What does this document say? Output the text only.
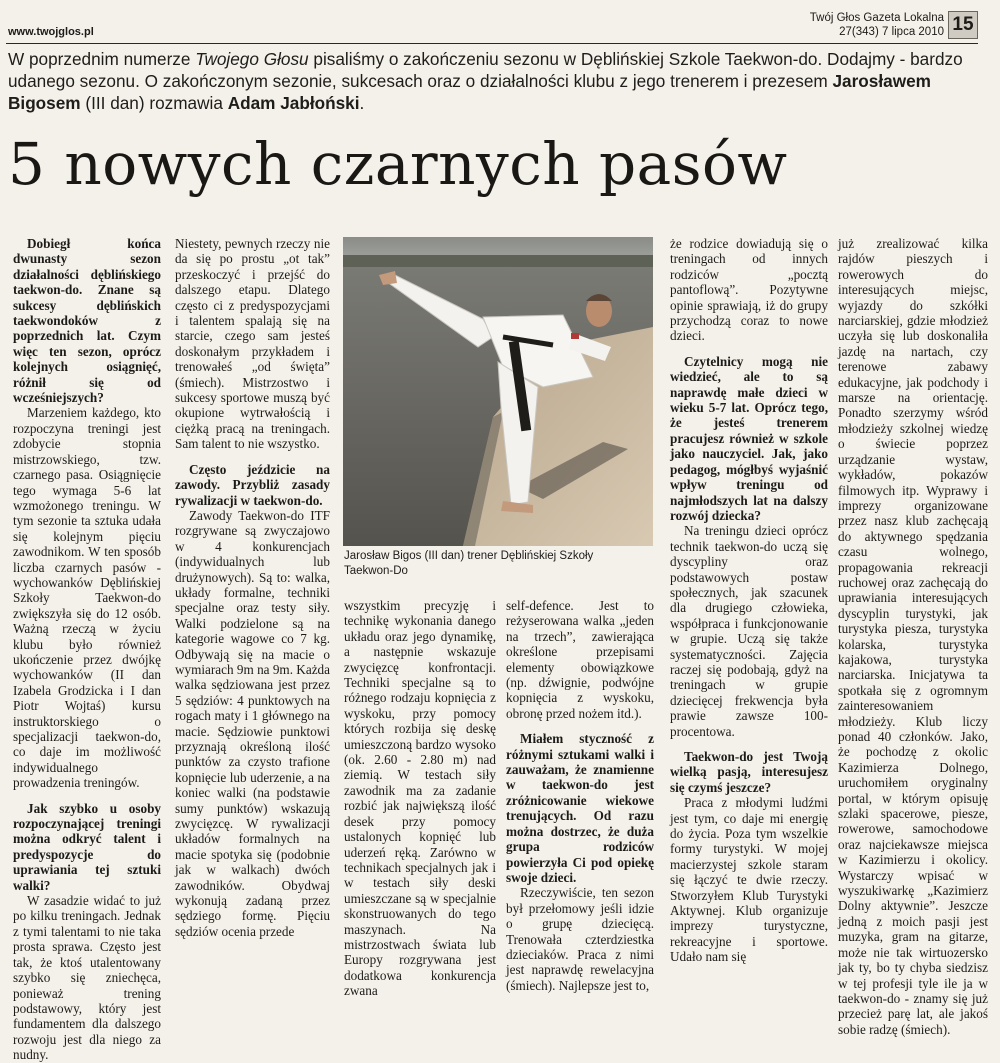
www.twojglos.pl
Twój Głos Gazeta Lokalna
27(343) 7 lipca 2010 15
W poprzednim numerze Twojego Głosu pisaliśmy o zakończeniu sezonu w Dęblińskiej Szkole Taekwon-do. Dodajmy - bardzo udanego sezonu. O zakończonym sezonie, sukcesach oraz o działalności klubu z jego trenerem i prezesem Jarosławem Bigosem (III dan) rozmawia Adam Jabłoński.
5 nowych czarnych pasów

Dobiegł końca dwunasty sezon działalności dęblińskiego taekwon-do. Znane są sukcesy dęblińskich taekwondoków z poprzednich lat. Czym więc ten sezon, oprócz kolejnych osiągnięć, różnił się od wcześniejszych?

Marzeniem każdego, kto rozpoczyna treningi jest zdobycie stopnia mistrzowskiego, tzw. czarnego pasa. Osiągnięcie tego wymaga 5-6 lat wzmożonego treningu. W tym sezonie ta sztuka udała się kolejnym pięciu zawodnikom. W ten sposób liczba czarnych pasów - wychowanków Dęblińskiej Szkoły Taekwon-do zwiększyła się do 12 osób. Ważną rzeczą w życiu klubu było również ukończenie przez dwójkę wychowanków (II dan Izabela Grodzicka i I dan Piotr Wojtaś) kursu instruktorskiego o specjalizacji taekwon-do, co daje im możliwość indywidualnego prowadzenia treningów.

Jak szybko u osoby rozpoczynającej treningi można odkryć talent i predyspozycje do uprawiania tej sztuki walki?

W zasadzie widać to już po kilku treningach. Jednak z tymi talentami to nie taka prosta sprawa. Często jest tak, że ktoś utalentowany szybko się zniechęca, ponieważ trening podstawowy, który jest fundamentem dla dalszego rozwoju jest dla niego za nudny.

Niestety, pewnych rzeczy nie da się po prostu „ot tak” przeskoczyć i przejść do dalszego etapu. Dlatego często ci z predyspozycjami i talentem spalają się na starcie, czego sam jesteś doskonałym przykładem i trenowałeś „od święta” (śmiech). Mistrzostwo i sukcesy sportowe muszą być okupione wytrwałością i ciężką pracą na treningach. Sam talent to nie wszystko.

Często jeździcie na zawody. Przybliż zasady rywalizacji w taekwon-do.

Zawody Taekwon-do ITF rozgrywane są zwyczajowo w 4 konkurencjach (indywidualnych lub drużynowych). Są to: walka, układy formalne, techniki specjalne oraz testy siły. Walki podzielone są na kategorie wagowe co 7 kg. Odbywają się na macie o wymiarach 9m na 9m. Każda walka sędziowana jest przez 5 sędziów: 4 punktowych na rogach maty i 1 głównego na macie. Sędziowie punktowi przyznają określoną ilość punktów za czysto trafione kopnięcie lub uderzenie, a na koniec walki (na podstawie sumy punktów) wskazują zwycięzcę. W rywalizacji układów formalnych na macie spotyka się (podobnie jak w walkach) dwóch zawodników. Obydwaj wykonują zadaną przez sędziego formę. Pięciu sędziów ocenia przede

Jarosław Bigos (III dan) trener Dęblińskiej Szkoły Taekwon-Do

wszystkim precyzję i technikę wykonania danego układu oraz jego dynamikę, a następnie wskazuje zwycięzcę konfrontacji. Techniki specjalne są to różnego rodzaju kopnięcia z wyskoku, przy pomocy których rozbija się deskę umieszczoną bardzo wysoko (ok. 2.60 - 2.80 m) nad ziemią. W testach siły zawodnik ma za zadanie rozbić jak największą ilość desek przy pomocy ustalonych kopnięć lub uderzeń ręką. Zarówno w technikach specjalnych jak i w testach siły deski umieszczane są w specjalnie skonstruowanych do tego maszynach. Na mistrzostwach świata lub Europy rozgrywana jest dodatkowa konkurencja zwana

self-defence. Jest to reżyserowana walka „jeden na trzech”, zawierająca określone przepisami elementy obowiązkowe (np. dźwignie, podwójne kopnięcia z wyskoku, obronę przed nożem itd.).

Miałem styczność z różnymi sztukami walki i zauważam, że znamienne w taekwon-do jest zróżnicowanie wiekowe trenujących. Od razu można dostrzec, że duża grupa rodziców powierzyła Ci pod opiekę swoje dzieci.

Rzeczywiście, ten sezon był przełomowy jeśli idzie o grupę dziecięcą. Trenowała czterdziestka dzieciaków. Praca z nimi jest naprawdę rewelacyjna (śmiech). Najlepsze jest to,

że rodzice dowiadują się o treningach od innych rodziców „pocztą pantoflową”. Pozytywne opinie sprawiają, iż do grupy przychodzą coraz to nowe dzieci.

Czytelnicy mogą nie wiedzieć, ale to są naprawdę małe dzieci w wieku 5-7 lat. Oprócz tego, że jesteś trenerem pracujesz również w szkole jako nauczyciel. Jak, jako pedagog, mógłbyś wyjaśnić wpływ treningu od najmłodszych lat na dalszy rozwój dziecka?

Na treningu dzieci oprócz technik taekwon-do uczą się dyscypliny oraz podstawowych postaw społecznych, jak szacunek dla drugiego człowieka, współpraca i funkcjonowanie w grupie. Uczą się także systematyczności. Zajęcia raczej się podobają, gdyż na treningach w grupie dziecięcej frekwencja była prawie zawsze 100-procentowa.

Taekwon-do jest Twoją wielką pasją, interesujesz się czymś jeszcze?

Praca z młodymi ludźmi jest tym, co daje mi energię do życia. Poza tym wszelkie formy turystyki. W mojej macierzystej szkole staram się łączyć te dwie rzeczy. Stworzyłem Klub Turystyki Aktywnej. Klub organizuje imprezy turystyczne, rekreacyjne i sportowe. Udało nam się

już zrealizować kilka rajdów pieszych i rowerowych do interesujących miejsc, wyjazdy do szkółki narciarskiej, gdzie młodzież uczyła się lub doskonaliła jazdę na nartach, czy terenowe zabawy edukacyjne, jak podchody i marsze na orientację. Ponadto szerzymy wśród młodzieży szkolnej wiedzę o świecie poprzez urządzanie wystaw, wykładów, pokazów filmowych itp. Wyprawy i imprezy organizowane przez nasz klub zachęcają do aktywnego spędzania czasu wolnego, propagowania rekreacji ruchowej oraz zachęcają do uprawiania interesujących dyscyplin turystyki, jak turystyka piesza, turystyka kolarska, turystyka kajakowa, turystyka narciarska. Inicjatywa ta spotkała się z ogromnym zainteresowaniem młodzieży. Klub liczy ponad 40 członków. Jako, że pochodzę z okolic Kazimierza Dolnego, uruchomiłem oryginalny portal, w którym opisuję szlaki spacerowe, piesze, rowerowe, samochodowe oraz najciekawsze miejsca w Kazimierzu i okolicy. Wystarczy wpisać w wyszukiwarkę „Kazimierz Dolny aktywnie”. Jeszcze jedną z moich pasji jest muzyka, gram na gitarze, może nie tak wirtuozersko jak ty, bo ty chyba siedzisz w tej profesji tyle ile ja w taekwon-do - znamy się już przecież parę lat, ale jakoś sobie radzę (śmiech).
